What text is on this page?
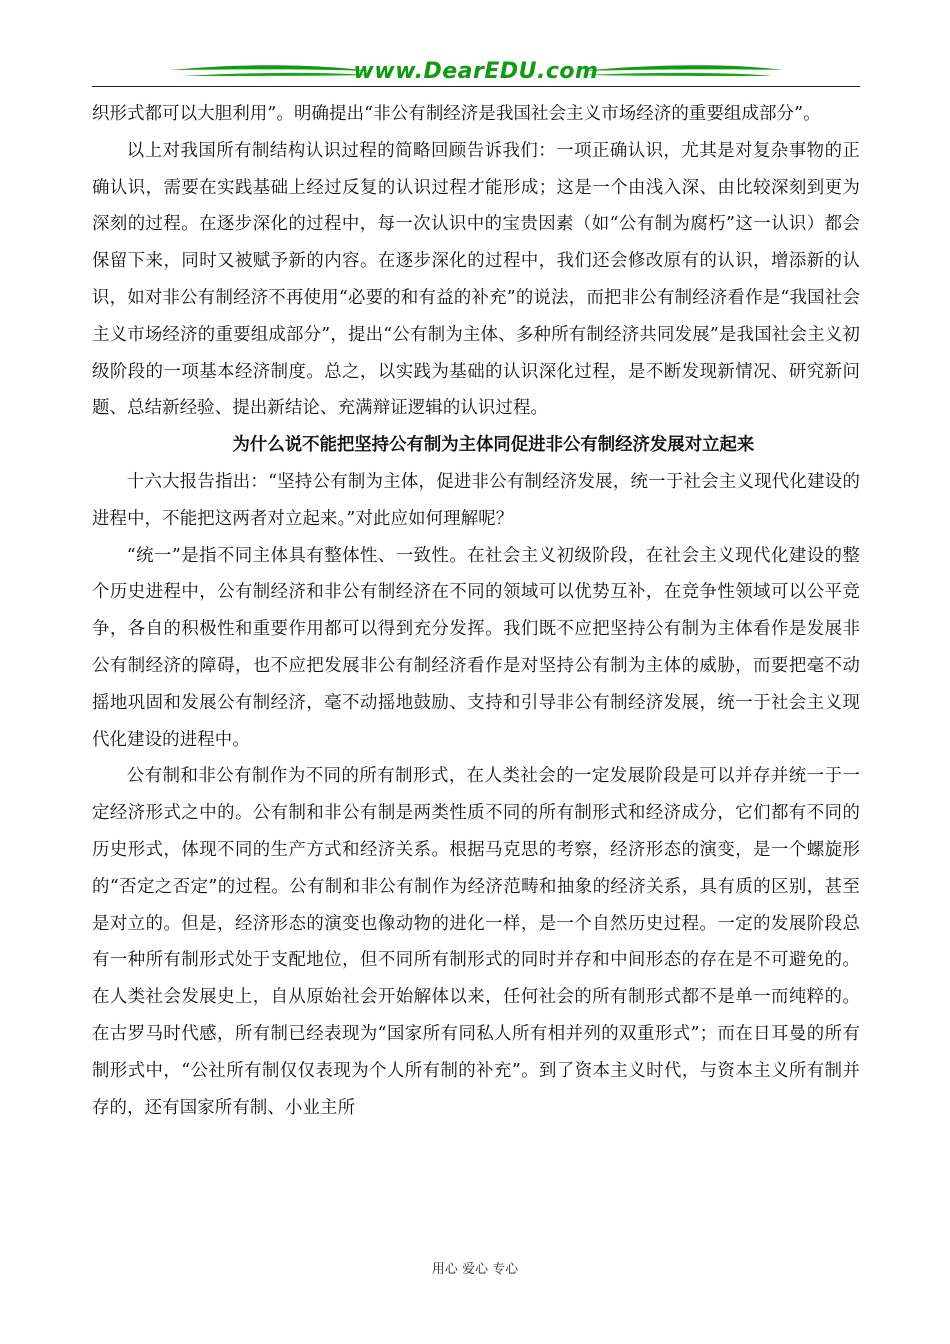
www.DearEDU.com

织形式都可以大胆利用”。明确提出“非公有制经济是我国社会主义市场经济的重要组成部分”。

以上对我国所有制结构认识过程的简略回顾告诉我们：一项正确认识，尤其是对复杂事物的正确认识，需要在实践基础上经过反复的认识过程才能形成；这是一个由浅入深、由比较深刻到更为深刻的过程。在逐步深化的过程中，每一次认识中的宝贵因素（如“公有制为腐朽”这一认识）都会保留下来，同时又被赋予新的内容。在逐步深化的过程中，我们还会修改原有的认识，增添新的认识，如对非公有制经济不再使用“必要的和有益的补充”的说法，而把非公有制经济看作是“我国社会主义市场经济的重要组成部分”，提出“公有制为主体、多种所有制经济共同发展”是我国社会主义初级阶段的一项基本经济制度。总之，以实践为基础的认识深化过程，是不断发现新情况、研究新问题、总结新经验、提出新结论、充满辩证逻辑的认识过程。

为什么说不能把坚持公有制为主体同促进非公有制经济发展对立起来

十六大报告指出：“坚持公有制为主体，促进非公有制经济发展，统一于社会主义现代化建设的进程中，不能把这两者对立起来。”对此应如何理解呢？

“统一”是指不同主体具有整体性、一致性。在社会主义初级阶段，在社会主义现代化建设的整个历史进程中，公有制经济和非公有制经济在不同的领域可以优势互补，在竞争性领域可以公平竞争，各自的积极性和重要作用都可以得到充分发挥。我们既不应把坚持公有制为主体看作是发展非公有制经济的障碍，也不应把发展非公有制经济看作是对坚持公有制为主体的威胁，而要把毫不动摇地巩固和发展公有制经济，毫不动摇地鼓励、支持和引导非公有制经济发展，统一于社会主义现代化建设的进程中。

公有制和非公有制作为不同的所有制形式，在人类社会的一定发展阶段是可以并存并统一于一定经济形式之中的。公有制和非公有制是两类性质不同的所有制形式和经济成分，它们都有不同的历史形式，体现不同的生产方式和经济关系。根据马克思的考察，经济形态的演变，是一个螺旋形的“否定之否定”的过程。公有制和非公有制作为经济范畴和抽象的经济关系，具有质的区别，甚至是对立的。但是，经济形态的演变也像动物的进化一样，是一个自然历史过程。一定的发展阶段总有一种所有制形式处于支配地位，但不同所有制形式的同时并存和中间形态的存在是不可避免的。在人类社会发展史上，自从原始社会开始解体以来，任何社会的所有制形式都不是单一而纯粹的。在古罗马时代感，所有制已经表现为“国家所有同私人所有相并列的双重形式”；而在日耳曼的所有制形式中，“公社所有制仅仅表现为个人所有制的补充”。到了资本主义时代，与资本主义所有制并存的，还有国家所有制、小业主所

用心 爱心 专心
